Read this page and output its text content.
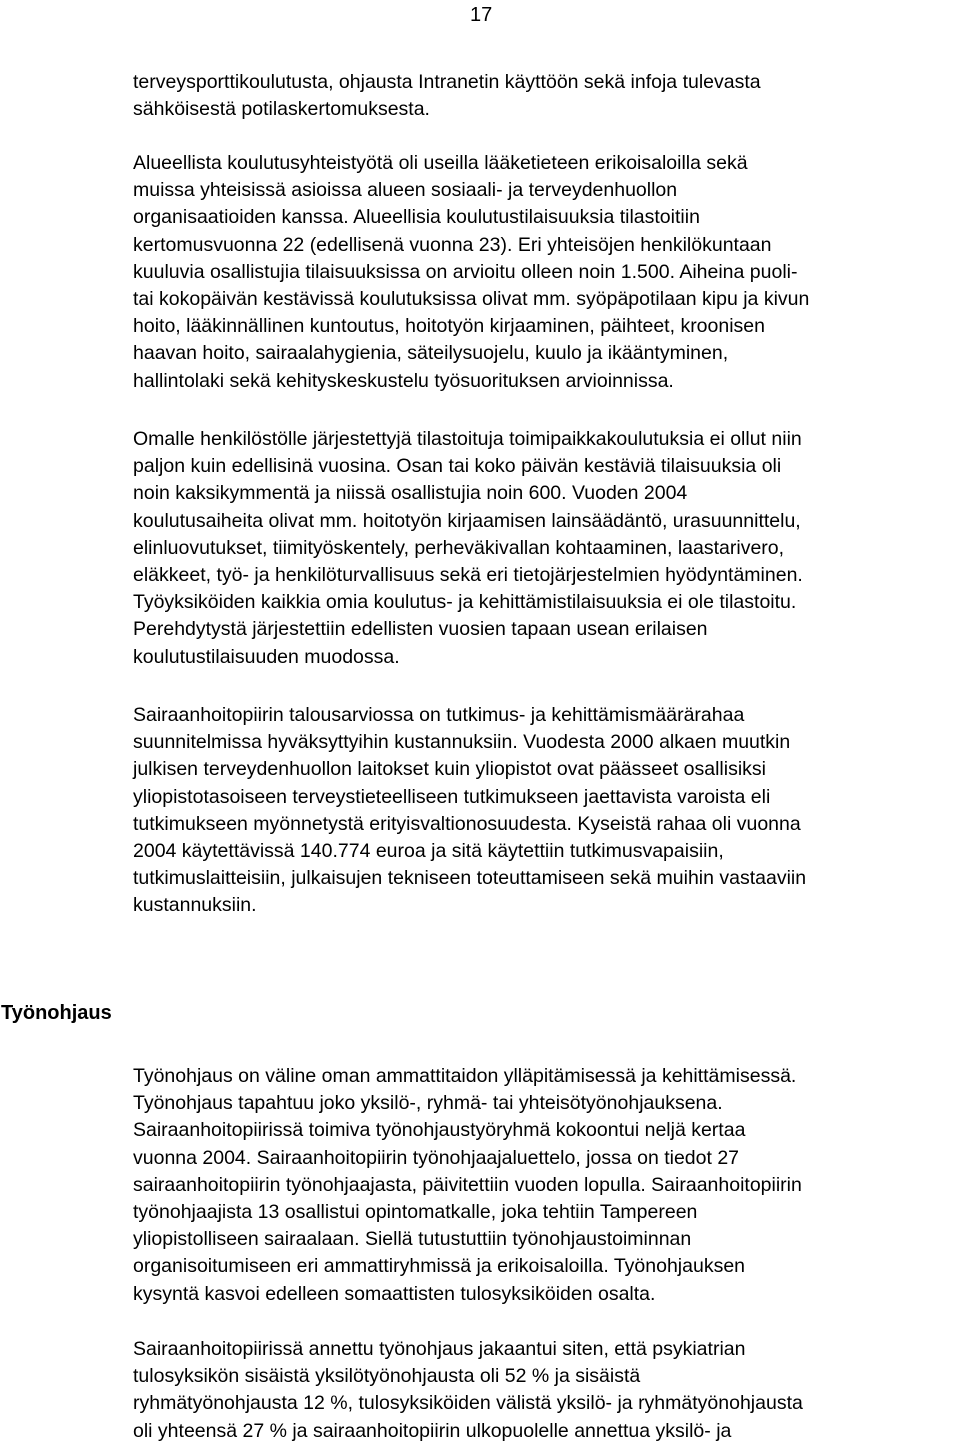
17
terveysporttikoulutusta, ohjausta Intranetin käyttöön sekä infoja tulevasta
sähköisestä potilaskertomuksesta.
Alueellista koulutusyhteistyötä oli useilla lääketieteen erikoisaloilla sekä
muissa yhteisissä asioissa alueen sosiaali- ja terveydenhuollon
organisaatioiden kanssa. Alueellisia koulutustilaisuuksia tilastoitiin
kertomusvuonna 22 (edellisenä vuonna 23). Eri yhteisöjen henkilökuntaan
kuuluvia osallistujia tilaisuuksissa on arvioitu olleen noin 1.500. Aiheina puoli-
tai kokopäivän kestävissä koulutuksissa olivat mm. syöpäpotilaan kipu ja kivun
hoito, lääkinnällinen kuntoutus, hoitotyön kirjaaminen, päihteet, kroonisen
haavan hoito, sairaalahygienia, säteilysuojelu, kuulo ja ikääntyminen,
hallintolaki sekä kehityskeskustelu työsuorituksen arvioinnissa.
Omalle henkilöstölle järjestettyjä tilastoituja toimipaikkakoulutuksia ei ollut niin
paljon kuin edellisinä vuosina. Osan tai koko päivän kestäviä tilaisuuksia oli
noin kaksikymmentä ja niissä osallistujia noin 600. Vuoden 2004
koulutusaiheita olivat mm. hoitotyön kirjaamisen lainsäädäntö, urasuunnittelu,
elinluovutukset, tiimityöskentely, perheväkivallan kohtaaminen, laastarivero,
eläkkeet, työ- ja henkilöturvallisuus sekä eri tietojärjestelmien hyödyntäminen.
Työyksiköiden kaikkia omia koulutus- ja kehittämistilaisuuksia ei ole tilastoitu.
Perehdytystä järjestettiin edellisten vuosien tapaan usean erilaisen
koulutustilaisuuden muodossa.
Sairaanhoitopiirin talousarviossa on tutkimus- ja kehittämismäärärahaa
suunnitelmissa hyväksyttyihin kustannuksiin. Vuodesta 2000 alkaen muutkin
julkisen terveydenhuollon laitokset kuin yliopistot ovat päässeet osallisiksi
yliopistotasoiseen terveystieteelliseen tutkimukseen jaettavista varoista eli
tutkimukseen myönnetystä erityisvaltionosuudesta. Kyseistä rahaa oli vuonna
2004 käytettävissä 140.774 euroa ja sitä käytettiin tutkimusvapaisiin,
tutkimuslaitteisiin, julkaisujen tekniseen toteuttamiseen sekä muihin vastaaviin
kustannuksiin.
Työnohjaus
Työnohjaus on väline oman ammattitaidon ylläpitämisessä ja kehittämisessä.
Työnohjaus tapahtuu joko yksilö-, ryhmä- tai yhteisötyönohjauksena.
Sairaanhoitopiirissä toimiva työnohjaustyöryhmä kokoontui neljä kertaa
vuonna 2004. Sairaanhoitopiirin työnohjaajaluettelo, jossa on tiedot 27
sairaanhoitopiirin työnohjaajasta, päivitettiin vuoden lopulla. Sairaanhoitopiirin
työnohjaajista 13 osallistui opintomatkalle, joka tehtiin Tampereen
yliopistolliseen sairaalaan. Siellä tutustuttiin työnohjaustoiminnan
organisoitumiseen eri ammattiryhmissä ja erikoisaloilla. Työnohjauksen
kysyntä kasvoi edelleen somaattisten tulosyksiköiden osalta.
Sairaanhoitopiirissä annettu työnohjaus jakaantui siten, että psykiatrian
tulosyksikön sisäistä yksilötyönohjausta oli 52 % ja sisäistä
ryhmätyönohjausta 12 %, tulosyksiköiden välistä yksilö- ja ryhmätyönohjausta
oli yhteensä 27 % ja sairaanhoitopiirin ulkopuolelle annettua yksilö- ja
